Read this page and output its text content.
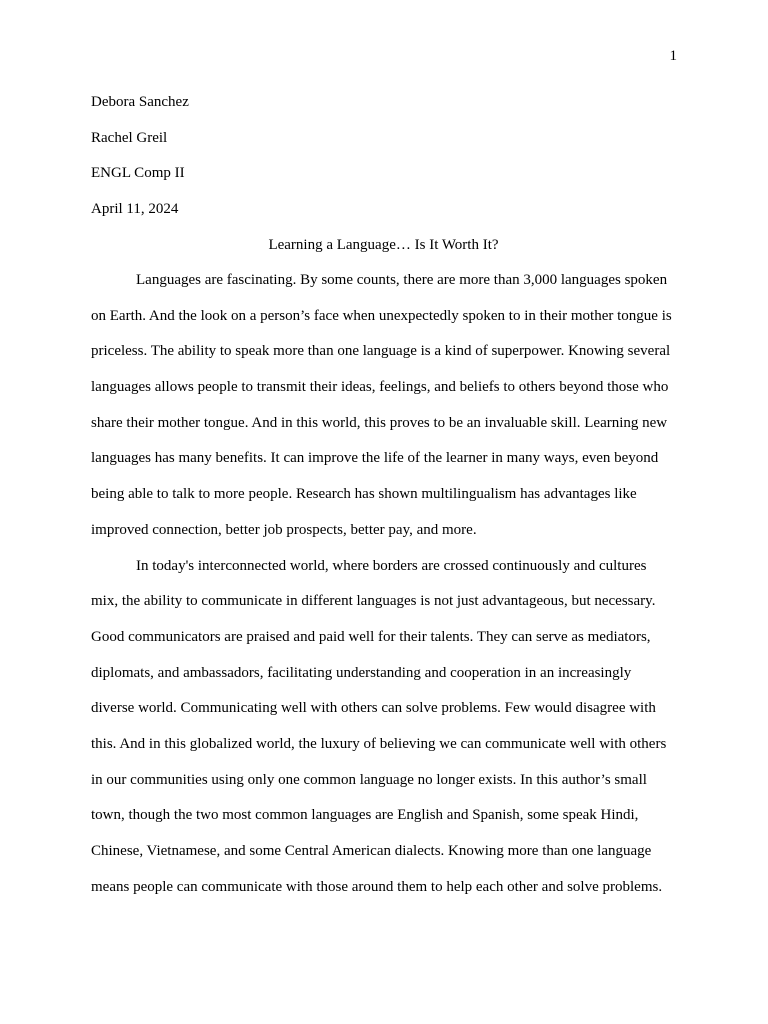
1
Debora Sanchez
Rachel Greil
ENGL Comp II
April 11, 2024
Learning a Language… Is It Worth It?
Languages are fascinating. By some counts, there are more than 3,000 languages spoken
on Earth. And the look on a person’s face when unexpectedly spoken to in their mother tongue is
priceless. The ability to speak more than one language is a kind of superpower. Knowing several
languages allows people to transmit their ideas, feelings, and beliefs to others beyond those who
share their mother tongue. And in this world, this proves to be an invaluable skill. Learning new
languages has many benefits. It can improve the life of the learner in many ways, even beyond
being able to talk to more people. Research has shown multilingualism has advantages like
improved connection, better job prospects, better pay, and more.
In today's interconnected world, where borders are crossed continuously and cultures
mix, the ability to communicate in different languages is not just advantageous, but necessary.
Good communicators are praised and paid well for their talents. They can serve as mediators,
diplomats, and ambassadors, facilitating understanding and cooperation in an increasingly
diverse world. Communicating well with others can solve problems. Few would disagree with
this. And in this globalized world, the luxury of believing we can communicate well with others
in our communities using only one common language no longer exists. In this author’s small
town, though the two most common languages are English and Spanish, some speak Hindi,
Chinese, Vietnamese, and some Central American dialects. Knowing more than one language
means people can communicate with those around them to help each other and solve problems.
